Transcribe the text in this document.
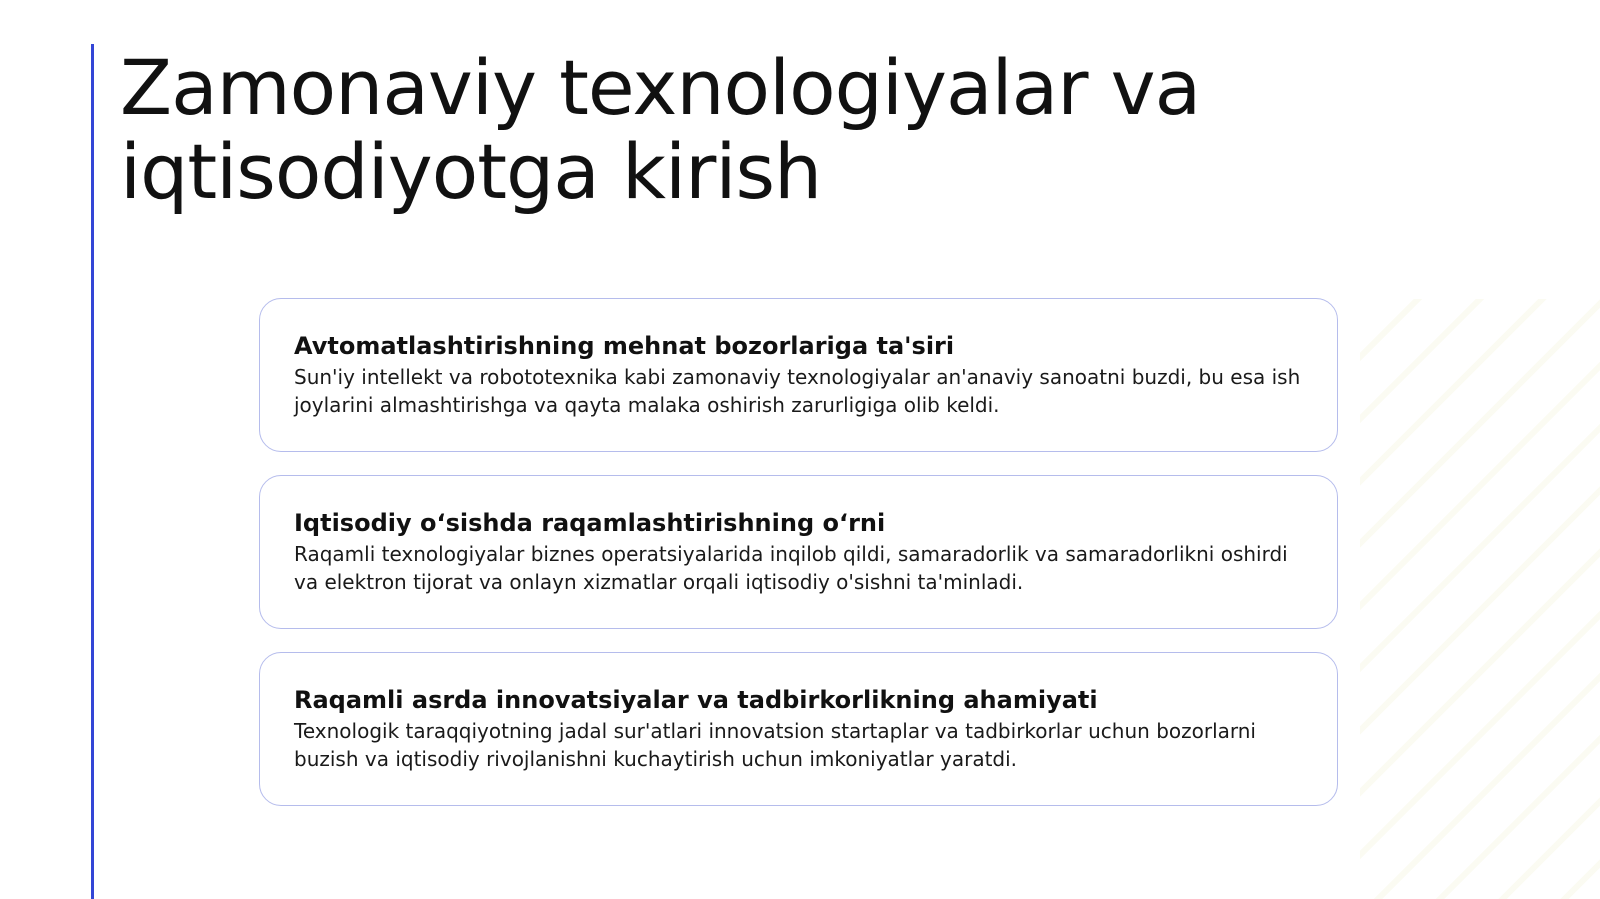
Zamonaviy texnologiyalar va iqtisodiyotga kirish

Avtomatlashtirishning mehnat bozorlariga ta'siri

Sun'iy intellekt va robototexnika kabi zamonaviy texnologiyalar an'anaviy sanoatni buzdi, bu esa ish joylarini almashtirishga va qayta malaka oshirish zarurligiga olib keldi.

Iqtisodiy oʻsishda raqamlashtirishning oʻrni

Raqamli texnologiyalar biznes operatsiyalarida inqilob qildi, samaradorlik va samaradorlikni oshirdi va elektron tijorat va onlayn xizmatlar orqali iqtisodiy o'sishni ta'minladi.

Raqamli asrda innovatsiyalar va tadbirkorlikning ahamiyati

Texnologik taraqqiyotning jadal sur'atlari innovatsion startaplar va tadbirkorlar uchun bozorlarni buzish va iqtisodiy rivojlanishni kuchaytirish uchun imkoniyatlar yaratdi.
